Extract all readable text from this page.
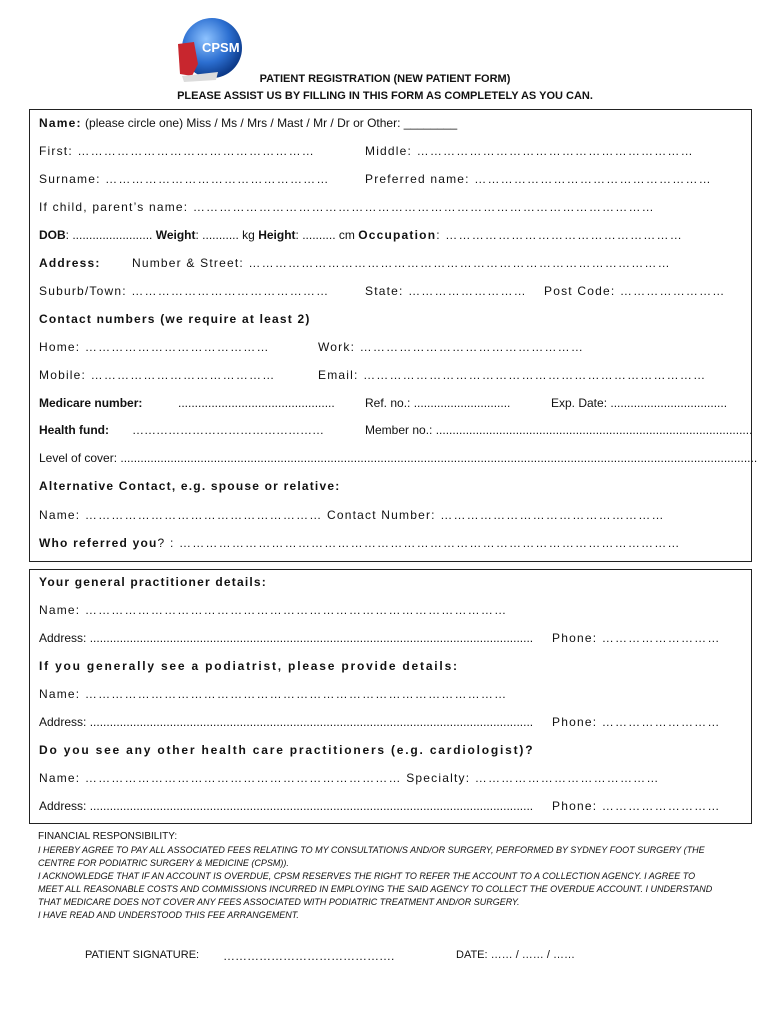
CPSM
PATIENT REGISTRATION (NEW PATIENT FORM)
PLEASE ASSIST US BY FILLING IN THIS FORM AS COMPLETELY AS YOU CAN.
Name: (please circle one) Miss / Ms / Mrs / Mast / Mr / Dr or Other: ________
First: ………………………………………………	Middle: ………………………………………………………
Surname: ……………………………………………	Preferred name: ………………………………………………
If child, parent’s name: ……………………………………………………………………………………………
DOB: ........................ Weight: ........... kg Height: .......... cm Occupation: ………………………………………………
Address:	Number & Street: ……………………………………………………………………………………
Suburb/Town: ………………………………………	State: ……………………… Post Code: ……………………
Contact numbers (we require at least 2)
Home: ……………………………………	Work: ……………………………………………
Mobile: ……………………………………	Email: ……………………………………………………………………
Medicare number:	...............................................	Ref. no.: .............................	Exp. Date: ...................................
Health fund: …………………………………………	Member no.: ...............................................................................................
Level of cover: ...............................................................................................................................................................................................
Alternative Contact, e.g. spouse or relative:
Name: ……………………………………………… Contact Number: ……………………………………………
Who referred you? : ……………………………………………………………………………………………………
Your general practitioner details:
Name: ……………………………………………………………………………………
Address: ..................................................................................................................................... Phone: ………………………
If you generally see a podiatrist, please provide details:
Name: ……………………………………………………………………………………
Address: ..................................................................................................................................... Phone: ………………………
Do you see any other health care practitioners (e.g. cardiologist)?
Name: ……………………………………………………………… Specialty: ……………………………………
Address: ..................................................................................................................................... Phone: ………………………
FINANCIAL RESPONSIBILITY:
I HEREBY AGREE TO PAY ALL ASSOCIATED FEES RELATING TO MY CONSULTATION/S AND/OR SURGERY, PERFORMED BY SYDNEY FOOT SURGERY (THE
CENTRE FOR PODIATRIC SURGERY & MEDICINE (CPSM)).
I ACKNOWLEDGE THAT IF AN ACCOUNT IS OVERDUE, CPSM RESERVES THE RIGHT TO REFER THE ACCOUNT TO A COLLECTION AGENCY. I AGREE TO
MEET ALL REASONABLE COSTS AND COMMISSIONS INCURRED IN EMPLOYING THE SAID AGENCY TO COLLECT THE OVERDUE ACCOUNT. I UNDERSTAND
THAT MEDICARE DOES NOT COVER ANY FEES ASSOCIATED WITH PODIATRIC TREATMENT AND/OR SURGERY.
I HAVE READ AND UNDERSTOOD THIS FEE ARRANGEMENT.
PATIENT SIGNATURE: …………………………………….	DATE: …… / …… / ……
